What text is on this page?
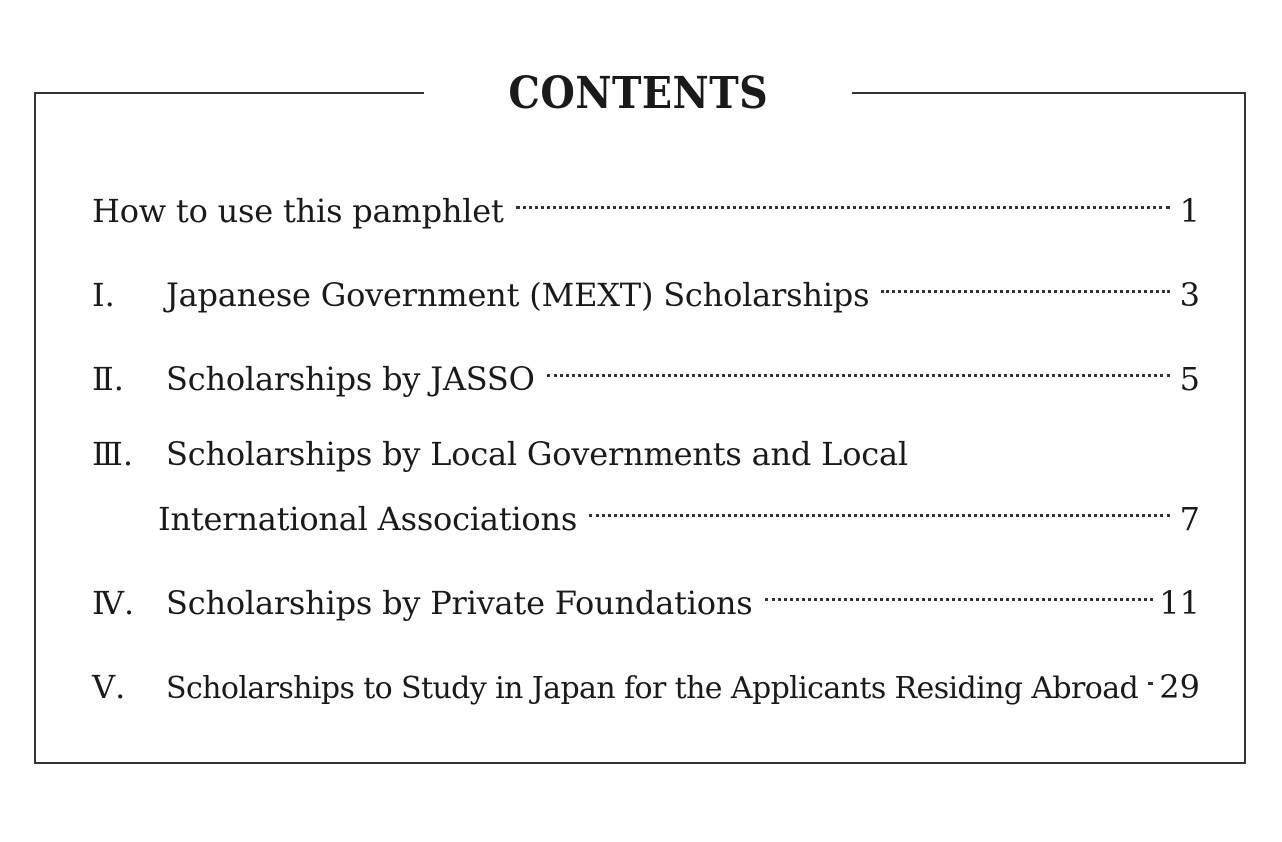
CONTENTS
How to use this pamphlet	1
Ⅰ.	Japanese Government (MEXT) Scholarships	3
Ⅱ.	Scholarships by JASSO	5
Ⅲ.	Scholarships by Local Governments and Local
International Associations	7
Ⅳ. Scholarships by Private Foundations	11
Ⅴ.	Scholarships to Study in Japan for the Applicants Residing Abroad 29
